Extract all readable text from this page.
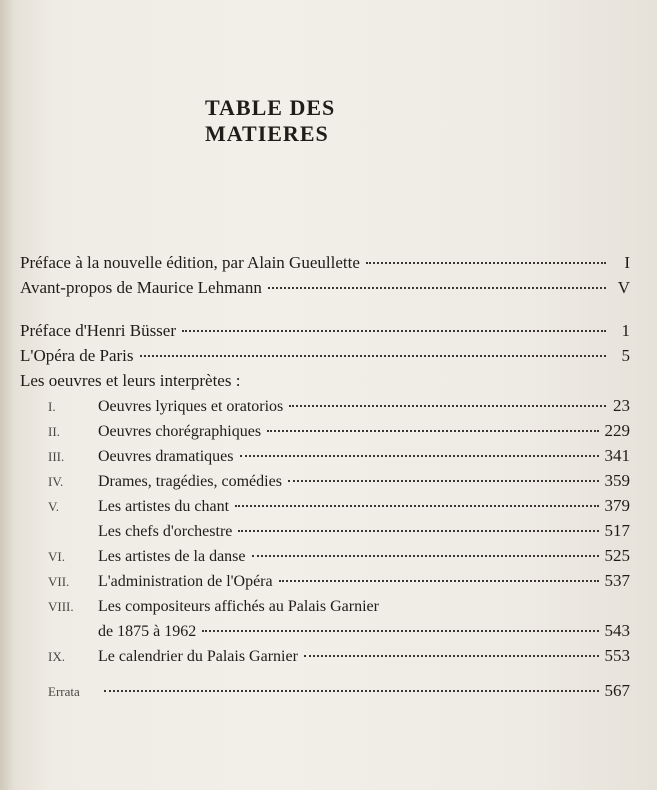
TABLE DES MATIERES
Préface à la nouvelle édition, par Alain Gueullette	I
Avant-propos de Maurice Lehmann	V
Préface d'Henri Büsser	1
L'Opéra de Paris	5
Les oeuvres et leurs interprètes :
I.	Oeuvres lyriques et oratorios	23
II.	Oeuvres chorégraphiques	229
III.	Oeuvres dramatiques	341
IV.	Drames, tragédies, comédies	359
V.	Les artistes du chant	379
Les chefs d'orchestre	517
VI.	Les artistes de la danse	525
VII.	L'administration de l'Opéra	537
VIII. Les compositeurs affichés au Palais Garnier
de 1875 à 1962	543
IX.	Le calendrier du Palais Garnier	553
Errata	567
